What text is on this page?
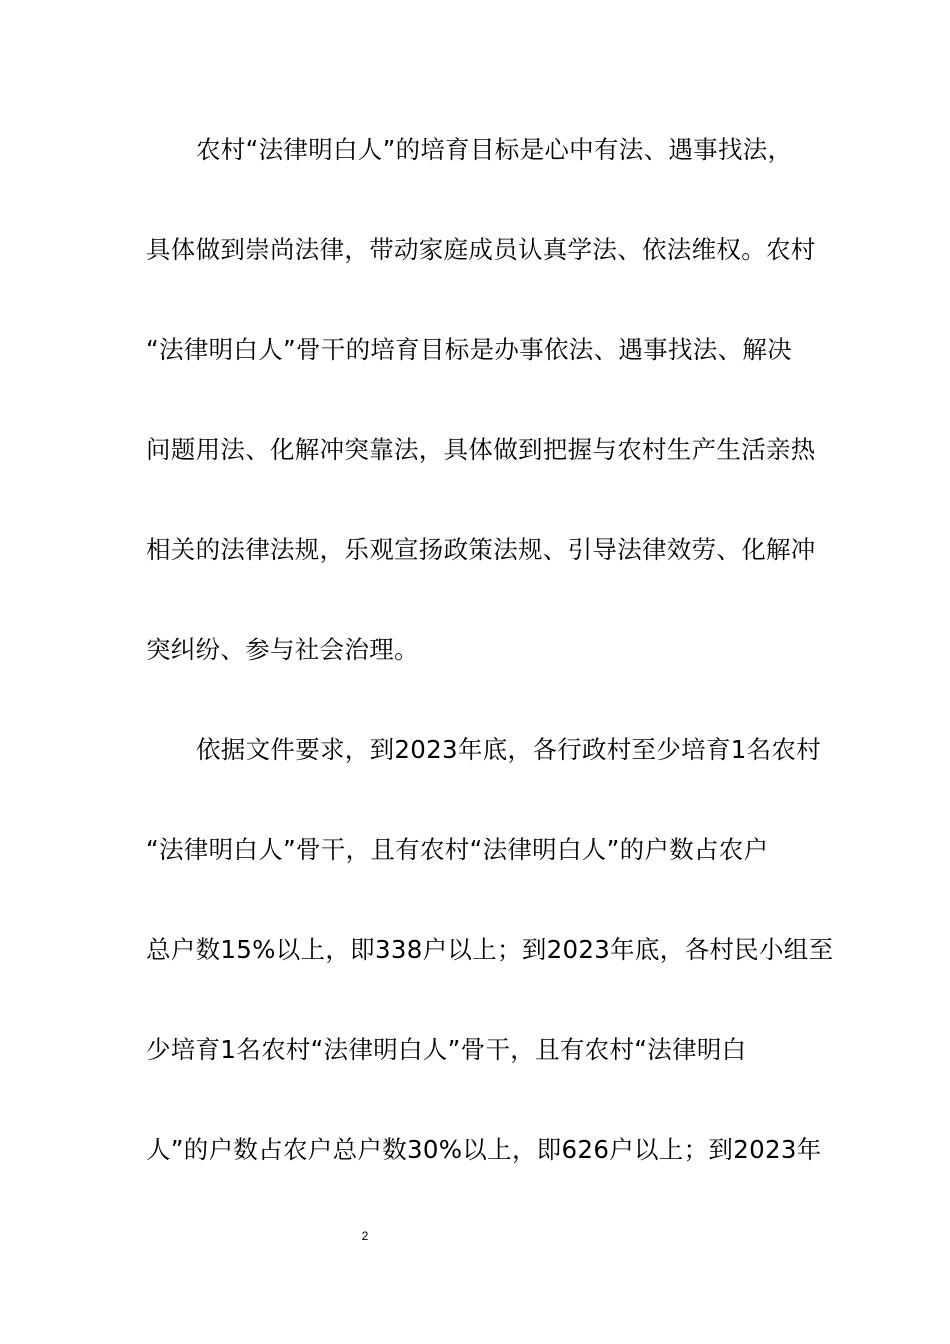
农村“法律明白人”的培育目标是心中有法、遇事找法，
具体做到崇尚法律，带动家庭成员认真学法、依法维权。农村
“法律明白人”骨干的培育目标是办事依法、遇事找法、解决
问题用法、化解冲突靠法，具体做到把握与农村生产生活亲热
相关的法律法规，乐观宣扬政策法规、引导法律效劳、化解冲
突纠纷、参与社会治理。
依据文件要求，到2023年底，各行政村至少培育1名农村
“法律明白人”骨干，且有农村“法律明白人”的户数占农户
总户数15%以上，即338户以上；到2023年底，各村民小组至
少培育1名农村“法律明白人”骨干，且有农村“法律明白
人”的户数占农户总户数30%以上，即626户以上；到2023年
2
